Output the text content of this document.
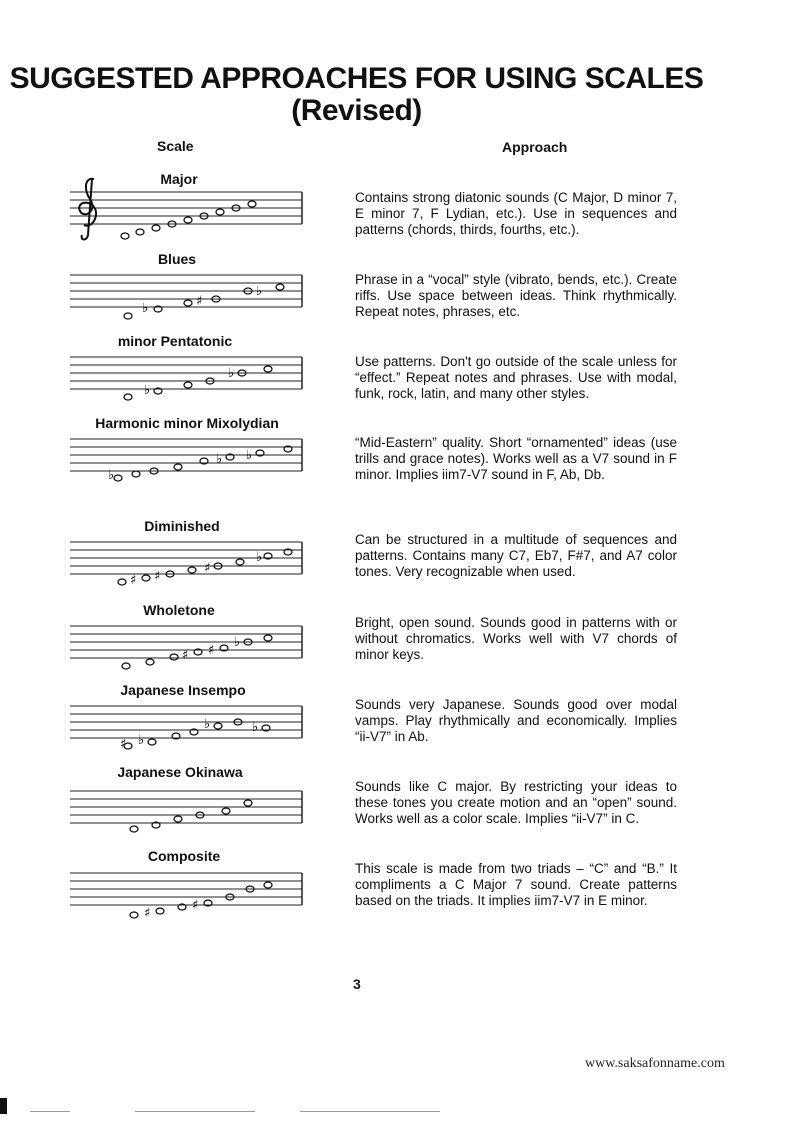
SUGGESTED APPROACHES FOR USING SCALES
(Revised)
Scale	Approach
Major
Contains strong diatonic sounds (C Major, D minor 7, E minor 7, F Lydian, etc.). Use in sequences and patterns (chords, thirds, fourths, etc.).
Blues
♭	♯
♭
Phrase in a “vocal” style (vibrato, bends, etc.). Create riffs. Use space between ideas. Think rhythmically. Repeat notes, phrases, etc.
minor Pentatonic
♭
♭
Use patterns. Don't go outside of the scale unless for “effect.” Repeat notes and phrases. Use with modal, funk, rock, latin, and many other styles.
Harmonic minor Mixolydian
♭
♭ ♭
“Mid-Eastern” quality. Short “ornamented” ideas (use trills and grace notes). Works well as a V7 sound in F minor. Implies iim7-V7 sound in F, Ab, Db.
Diminished
♯ ♯
♯
♭
Can be structured in a multitude of sequences and patterns. Contains many C7, Eb7, F#7, and A7 color tones. Very recognizable when used.
Wholetone
♯ ♯
♭
Bright, open sound. Sounds good in patterns with or without chromatics. Works well with V7 chords of minor keys.
Japanese Insempo
♯ ♭
♭	♭
Sounds very Japanese. Sounds good over modal vamps. Play rhythmically and economically. Implies “ii-V7” in Ab.
Japanese Okinawa
Sounds like C major. By restricting your ideas to these tones you create motion and an “open” sound. Works well as a color scale. Implies “ii-V7” in C.
Composite
♯
♯
This scale is made from two triads – “C” and “B.” It compliments a C Major 7 sound. Create patterns based on the triads. It implies iim7-V7 in E minor.
3
www.saksafonname.com
